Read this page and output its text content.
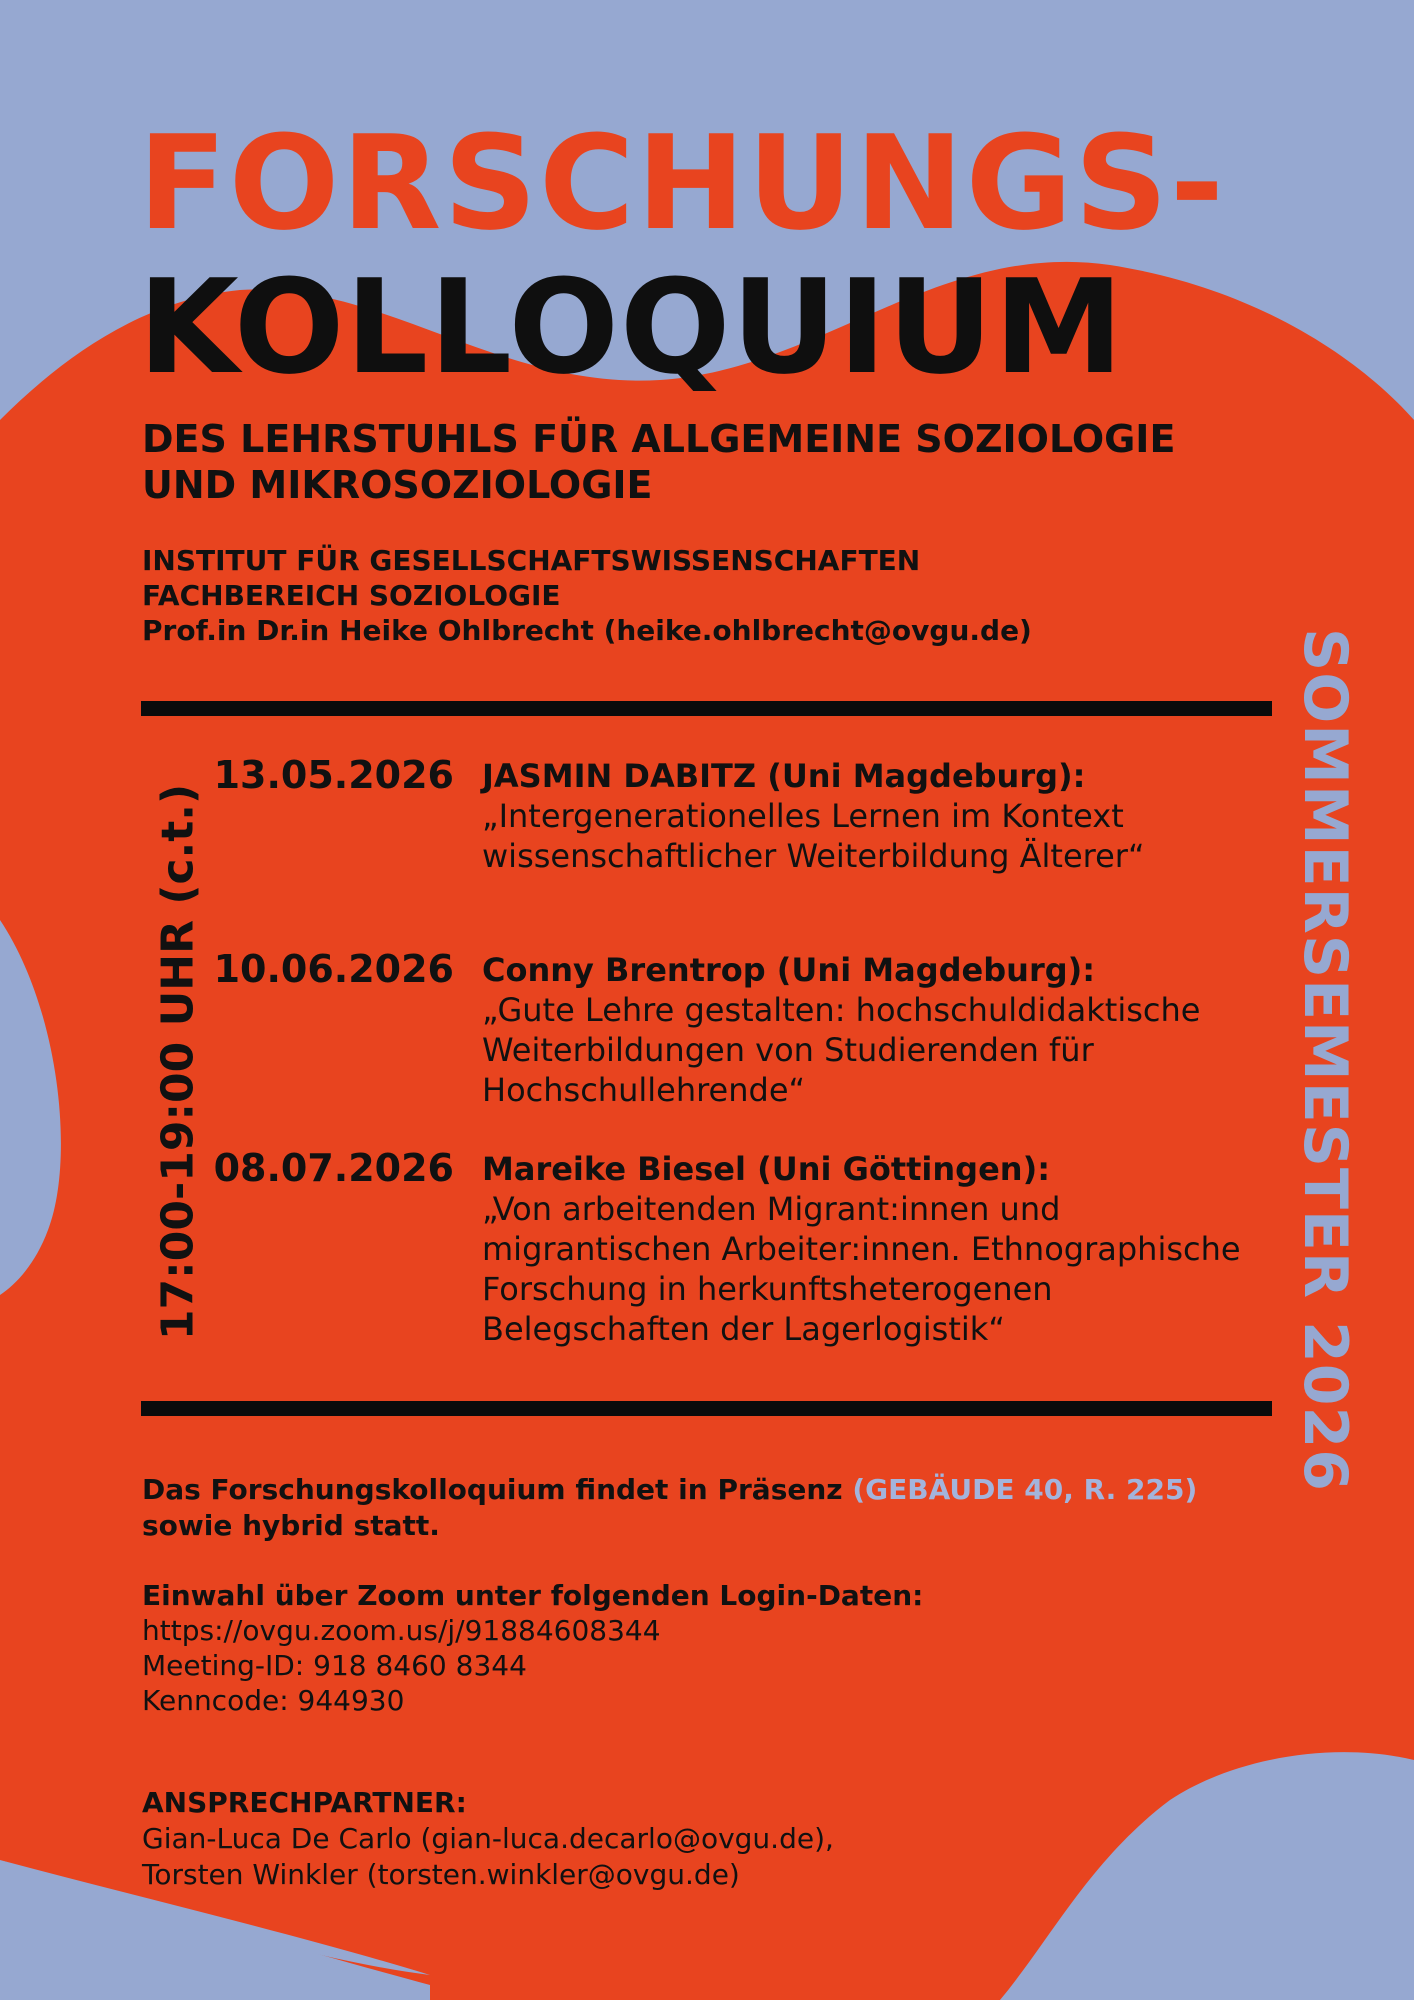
FORSCHUNGS-
KOLLOQUIUM
DES LEHRSTUHLS FÜR ALLGEMEINE SOZIOLOGIE
UND MIKROSOZIOLOGIE
INSTITUT FÜR GESELLSCHAFTSWISSENSCHAFTEN
FACHBEREICH SOZIOLOGIE
Prof.in Dr.in Heike Ohlbrecht (heike.ohlbrecht@ovgu.de)
17:00-19:00 UHR (c.t.)	SOMMERSEMESTER 2026
13.05.2026 JASMIN DABITZ (Uni Magdeburg):
„Intergenerationelles Lernen im Kontext
wissenschaftlicher Weiterbildung Älterer“
10.06.2026 Conny Brentrop (Uni Magdeburg):
„Gute Lehre gestalten: hochschuldidaktische
Weiterbildungen von Studierenden für
Hochschullehrende“
08.07.2026 Mareike Biesel (Uni Göttingen):
„Von arbeitenden Migrant:innen und
migrantischen Arbeiter:innen. Ethnographische
Forschung in herkunftsheterogenen
Belegschaften der Lagerlogistik“
Das Forschungskolloquium findet in Präsenz (GEBÄUDE 40, R. 225)
sowie hybrid statt.
Einwahl über Zoom unter folgenden Login-Daten:
https://ovgu.zoom.us/j/91884608344
Meeting-ID: 918 8460 8344
Kenncode: 944930
ANSPRECHPARTNER:
Gian-Luca De Carlo (gian-luca.decarlo@ovgu.de),
Torsten Winkler (torsten.winkler@ovgu.de)
